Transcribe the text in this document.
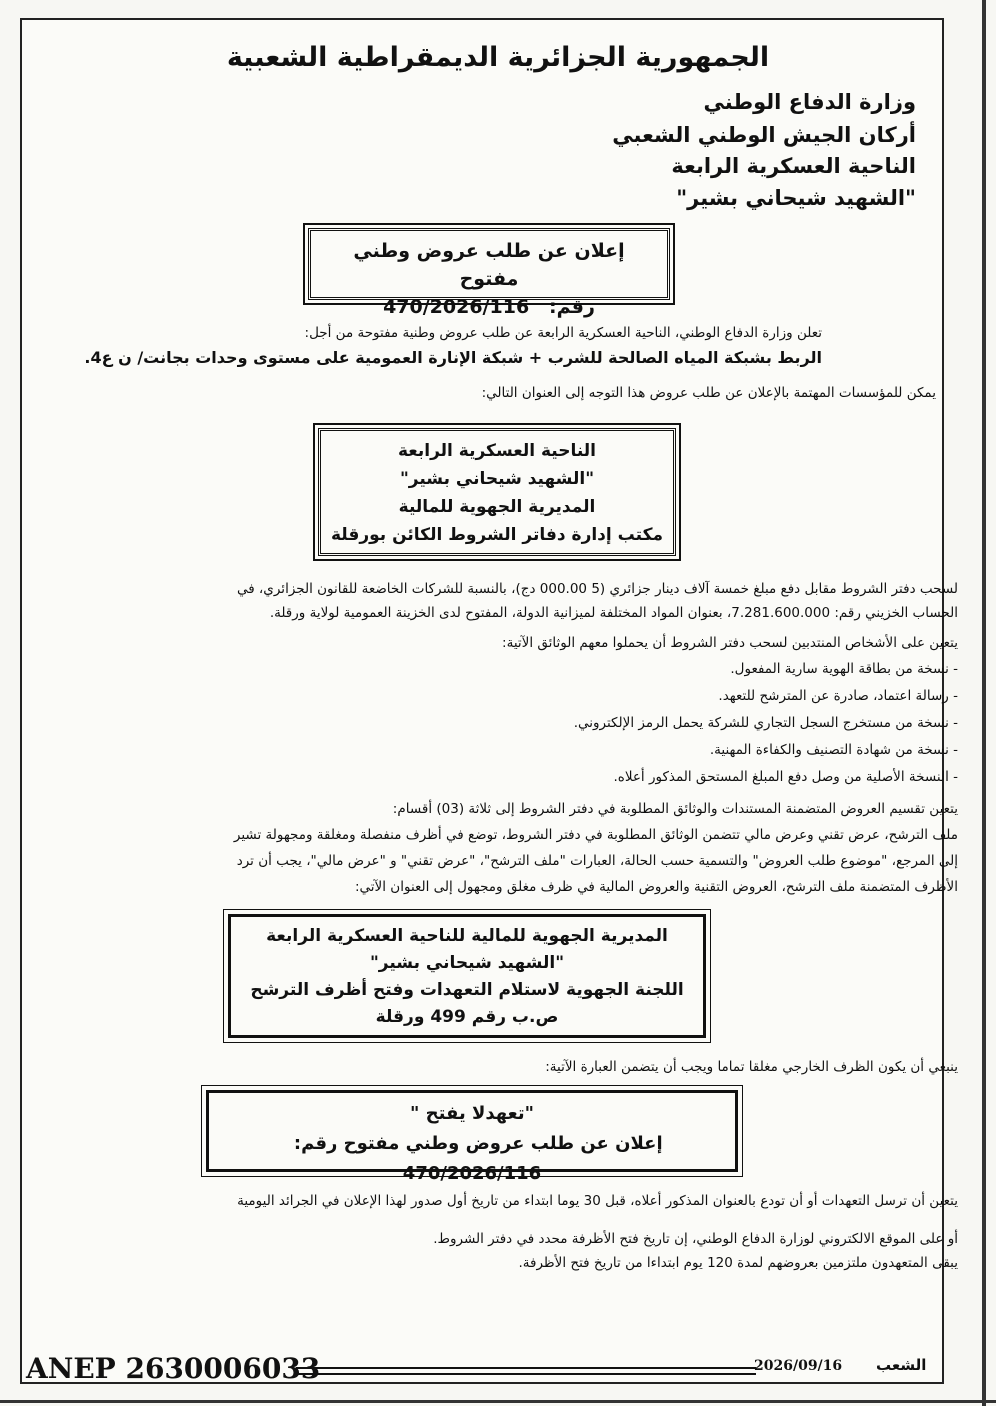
الجمهورية الجزائرية الديمقراطية الشعبية
وزارة الدفاع الوطني
أركان الجيش الوطني الشعبي
الناحية العسكرية الرابعة
"الشهيد شيحاني بشير"
إعلان عن طلب عروض وطني مفتوح
رقم:   470/2026/116
تعلن وزارة الدفاع الوطني، الناحية العسكرية الرابعة عن طلب عروض وطنية مفتوحة من أجل:
الربط بشبكة المياه الصالحة للشرب + شبكة الإنارة العمومية على مستوى وحدات بجانت/ ن ع4.
يمكن للمؤسسات المهتمة بالإعلان عن طلب عروض هذا التوجه إلى العنوان التالي:
الناحية العسكرية الرابعة
"الشهيد شيحاني بشير"
المديرية الجهوية للمالية
مكتب إدارة دفاتر الشروط الكائن بورقلة
لسحب دفتر الشروط مقابل دفع مبلغ خمسة آلاف دينار جزائري (5 000.00 دج)، بالنسبة للشركات الخاضعة للقانون الجزائري، في
الحساب الخزيني رقم: 7.281.600.000، بعنوان المواد المختلفة لميزانية الدولة، المفتوح لدى الخزينة العمومية لولاية ورقلة.
يتعين على الأشخاص المنتدبين لسحب دفتر الشروط أن يحملوا معهم الوثائق الآتية:
- نسخة من بطاقة الهوية سارية المفعول.
- رسالة اعتماد، صادرة عن المترشح للتعهد.
- نسخة من مستخرج السجل التجاري للشركة يحمل الرمز الإلكتروني.
- نسخة من شهادة التصنيف والكفاءة المهنية.
- النسخة الأصلية من وصل دفع المبلغ المستحق المذكور أعلاه.
يتعين تقسيم العروض المتضمنة المستندات والوثائق المطلوبة في دفتر الشروط إلى ثلاثة (03) أقسام:
ملف الترشح، عرض تقني وعرض مالي تتضمن الوثائق المطلوبة في دفتر الشروط، توضع في أظرف منفصلة ومغلقة ومجهولة تشير
إلى المرجع، "موضوع طلب العروض" والتسمية حسب الحالة، العبارات "ملف الترشح"، "عرض تقني" و "عرض مالي"، يجب أن ترد
الأظرف المتضمنة ملف الترشح، العروض التقنية والعروض المالية في ظرف مغلق ومجهول إلى العنوان الآتي:
المديرية الجهوية للمالية للناحية العسكرية الرابعة
"الشهيد شيحاني بشير"
اللجنة الجهوية لاستلام التعهدات وفتح أظرف الترشح
ص.ب رقم 499 ورقلة
ينبغي أن يكون الظرف الخارجي مغلقا تماما ويجب أن يتضمن العبارة الآتية:
"تعهدلا يفتح "
إعلان عن طلب عروض وطني مفتوح رقم:   470/2026/116
يتعين أن ترسل التعهدات أو أن تودع بالعنوان المذكور أعلاه، قبل 30 يوما ابتداء من تاريخ أول صدور لهذا الإعلان في الجرائد اليومية
أو على الموقع الالكتروني لوزارة الدفاع الوطني، إن تاريخ فتح الأظرفة محدد في دفتر الشروط.
يبقى المتعهدون ملتزمين بعروضهم لمدة 120 يوم ابتداءا من تاريخ فتح الأظرفة.
ANEP 2630006033	2026/09/16 الشعب
